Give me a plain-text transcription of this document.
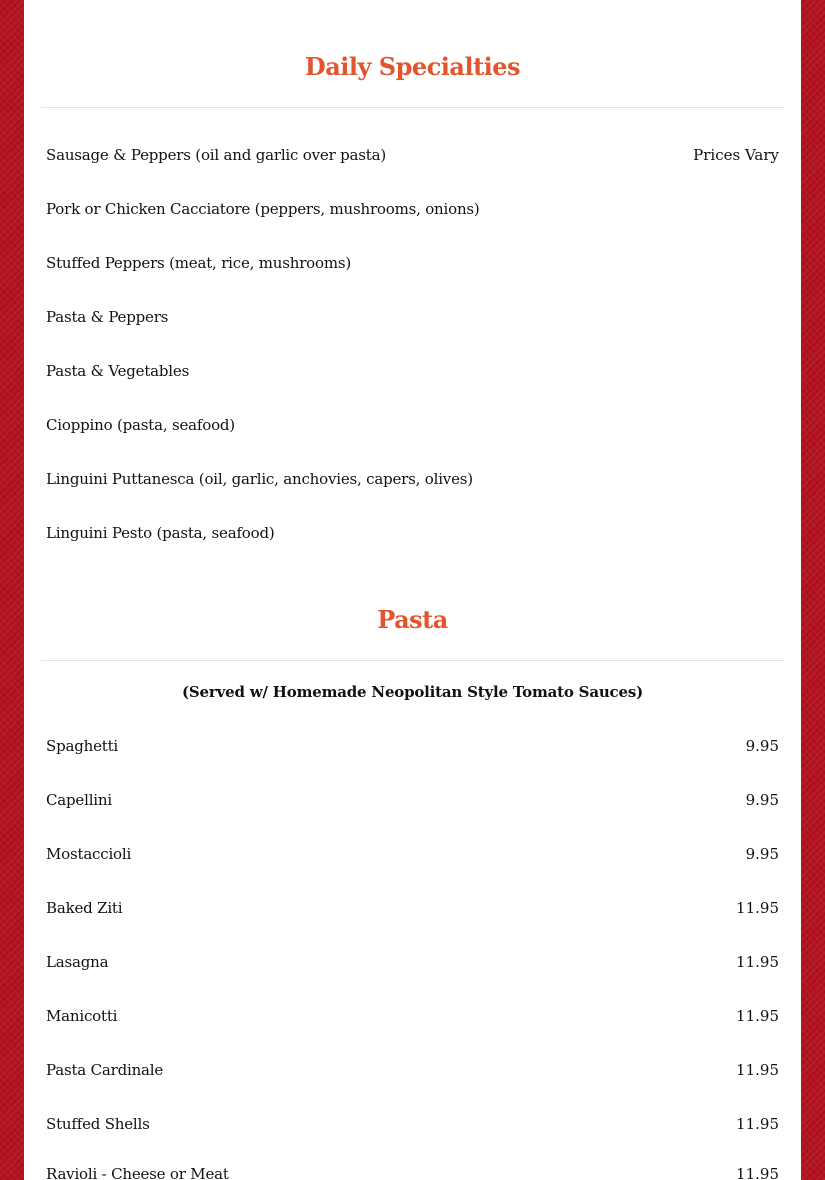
Daily Specialties
Sausage & Peppers (oil and garlic over pasta)	Prices Vary
Pork or Chicken Cacciatore (peppers, mushrooms, onions)
Stuffed Peppers (meat, rice, mushrooms)
Pasta & Peppers
Pasta & Vegetables
Cioppino (pasta, seafood)
Linguini Puttanesca (oil, garlic, anchovies, capers, olives)
Linguini Pesto (pasta, seafood)
Pasta
(Served w/ Homemade Neopolitan Style Tomato Sauces)
Spaghetti	9.95
Capellini	9.95
Mostaccioli	9.95
Baked Ziti	11.95
Lasagna	11.95
Manicotti	11.95
Pasta Cardinale	11.95
Stuffed Shells	11.95
Ravioli - Cheese or Meat	11.95
